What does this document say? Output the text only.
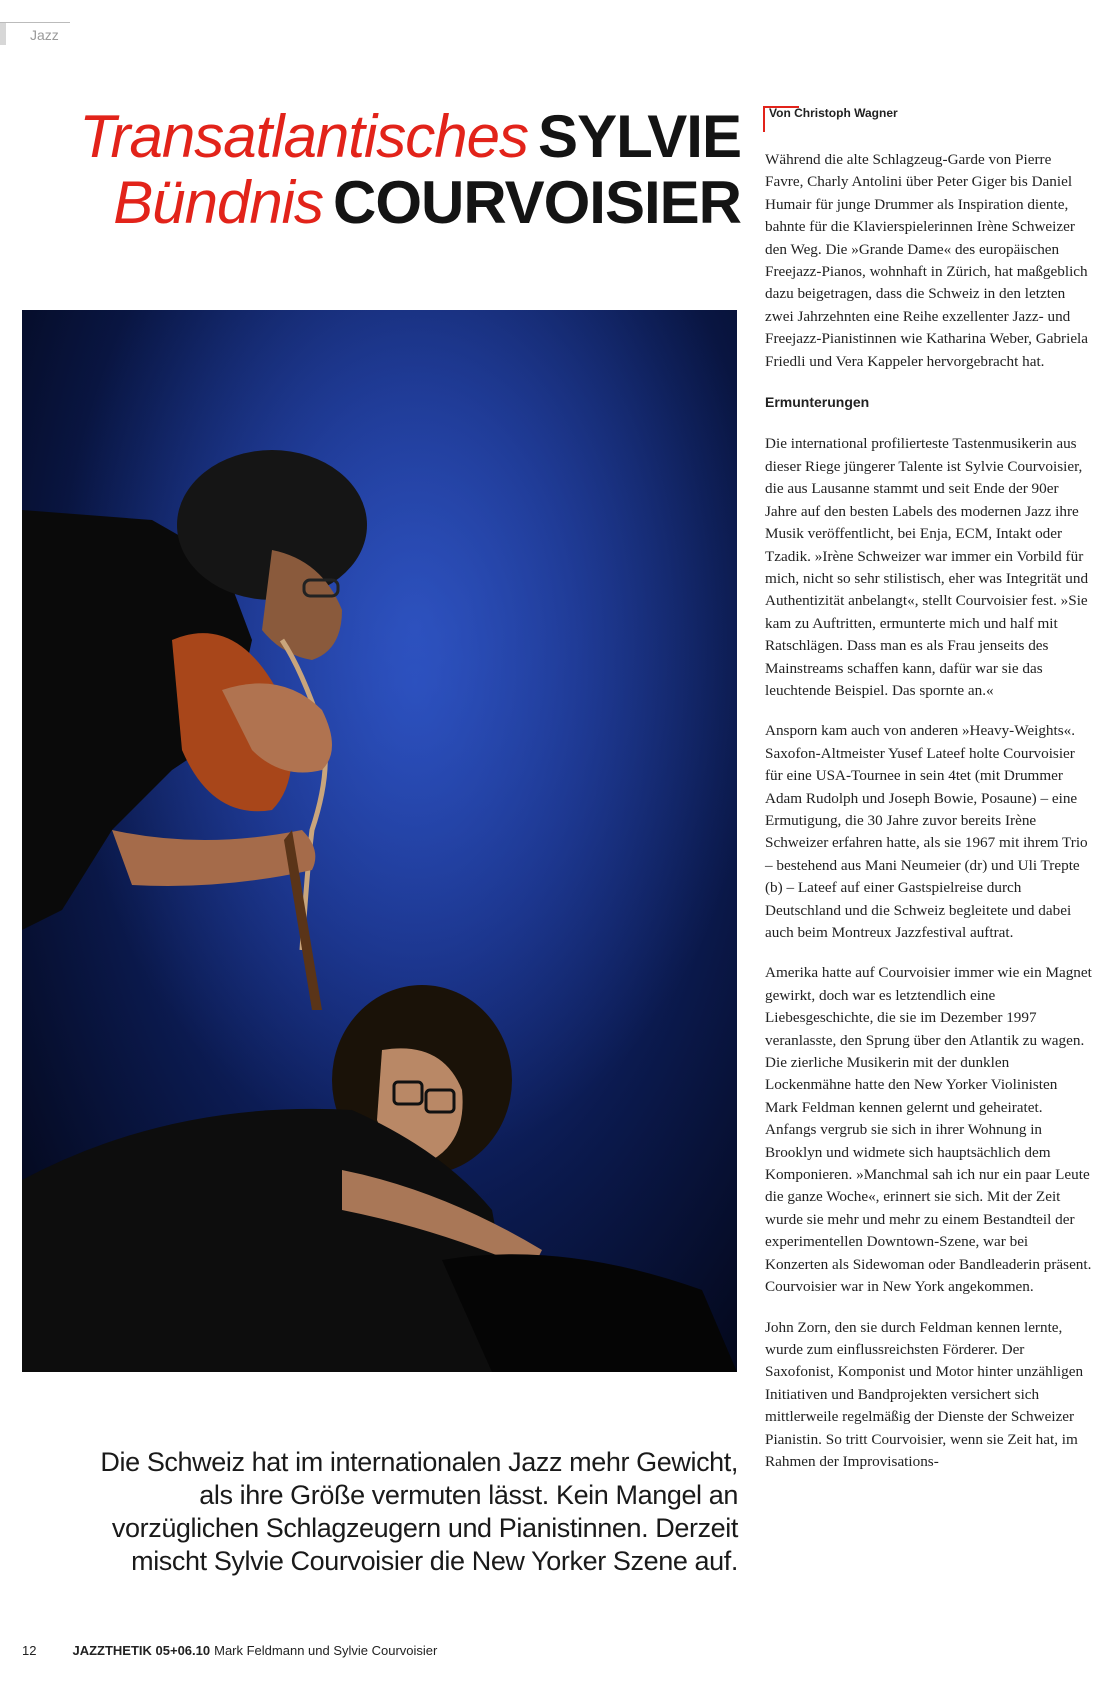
Jazz
Transatlantisches SYLVIE
Bündnis COURVOISIER
Von Christoph Wagner

Während die alte Schlagzeug-Garde von Pierre Favre, Charly Antolini über Peter Giger bis Daniel Humair für junge Drummer als Inspiration diente, bahnte für die Klavierspielerinnen Irène Schweizer den Weg. Die »Grande Dame« des europäischen Freejazz-Pianos, wohnhaft in Zürich, hat maßgeblich dazu beigetragen, dass die Schweiz in den letzten zwei Jahrzehnten eine Reihe exzellenter Jazz- und Freejazz-Pianistinnen wie Katharina Weber, Gabriela Friedli und Vera Kappeler hervorgebracht hat.

Ermunterungen

Die international profilierteste Tastenmusikerin aus dieser Riege jüngerer Talente ist Sylvie Courvoisier, die aus Lausanne stammt und seit Ende der 90er Jahre auf den besten Labels des modernen Jazz ihre Musik veröffentlicht, bei Enja, ECM, Intakt oder Tzadik. »Irène Schweizer war immer ein Vorbild für mich, nicht so sehr stilistisch, eher was Integrität und Authentizität anbelangt«, stellt Courvoisier fest. »Sie kam zu Auftritten, ermunterte mich und half mit Ratschlägen. Dass man es als Frau jenseits des Mainstreams schaffen kann, dafür war sie das leuchtende Beispiel. Das spornte an.«

Ansporn kam auch von anderen »Heavy-Weights«. Saxofon-Altmeister Yusef Lateef holte Courvoisier für eine USA-Tournee in sein 4tet (mit Drummer Adam Rudolph und Joseph Bowie, Posaune) – eine Ermutigung, die 30 Jahre zuvor bereits Irène Schweizer erfahren hatte, als sie 1967 mit ihrem Trio – bestehend aus Mani Neumeier (dr) und Uli Trepte (b) – Lateef auf einer Gastspielreise durch Deutschland und die Schweiz begleitete und dabei auch beim Montreux Jazzfestival auftrat.

Amerika hatte auf Courvoisier immer wie ein Magnet gewirkt, doch war es letztendlich eine Liebesgeschichte, die sie im Dezember 1997 veranlasste, den Sprung über den Atlantik zu wagen. Die zierliche Musikerin mit der dunklen Lockenmähne hatte den New Yorker Violinisten Mark Feldman kennen gelernt und geheiratet. Anfangs vergrub sie sich in ihrer Wohnung in Brooklyn und widmete sich hauptsächlich dem Komponieren. »Manchmal sah ich nur ein paar Leute die ganze Woche«, erinnert sie sich. Mit der Zeit wurde sie mehr und mehr zu einem Bestandteil der experimentellen Downtown-Szene, war bei Konzerten als Sidewoman oder Bandleaderin präsent. Courvoisier war in New York angekommen.

John Zorn, den sie durch Feldman kennen lernte, wurde zum einflussreichsten Förderer. Der Saxofonist, Komponist und Motor hinter unzähligen Initiativen und Bandprojekten versichert sich mittlerweile regelmäßig der Dienste der Schweizer Pianistin. So tritt Courvoisier, wenn sie Zeit hat, im Rahmen der Improvisations-

Die Schweiz hat im internationalen Jazz mehr Gewicht, als ihre Größe vermuten lässt. Kein Mangel an vorzüglichen Schlagzeugern und Pianistinnen. Derzeit mischt Sylvie Courvoisier die New Yorker Szene auf.
12	JAZZTHETIK 05+06.10 Mark Feldmann und Sylvie Courvoisier
